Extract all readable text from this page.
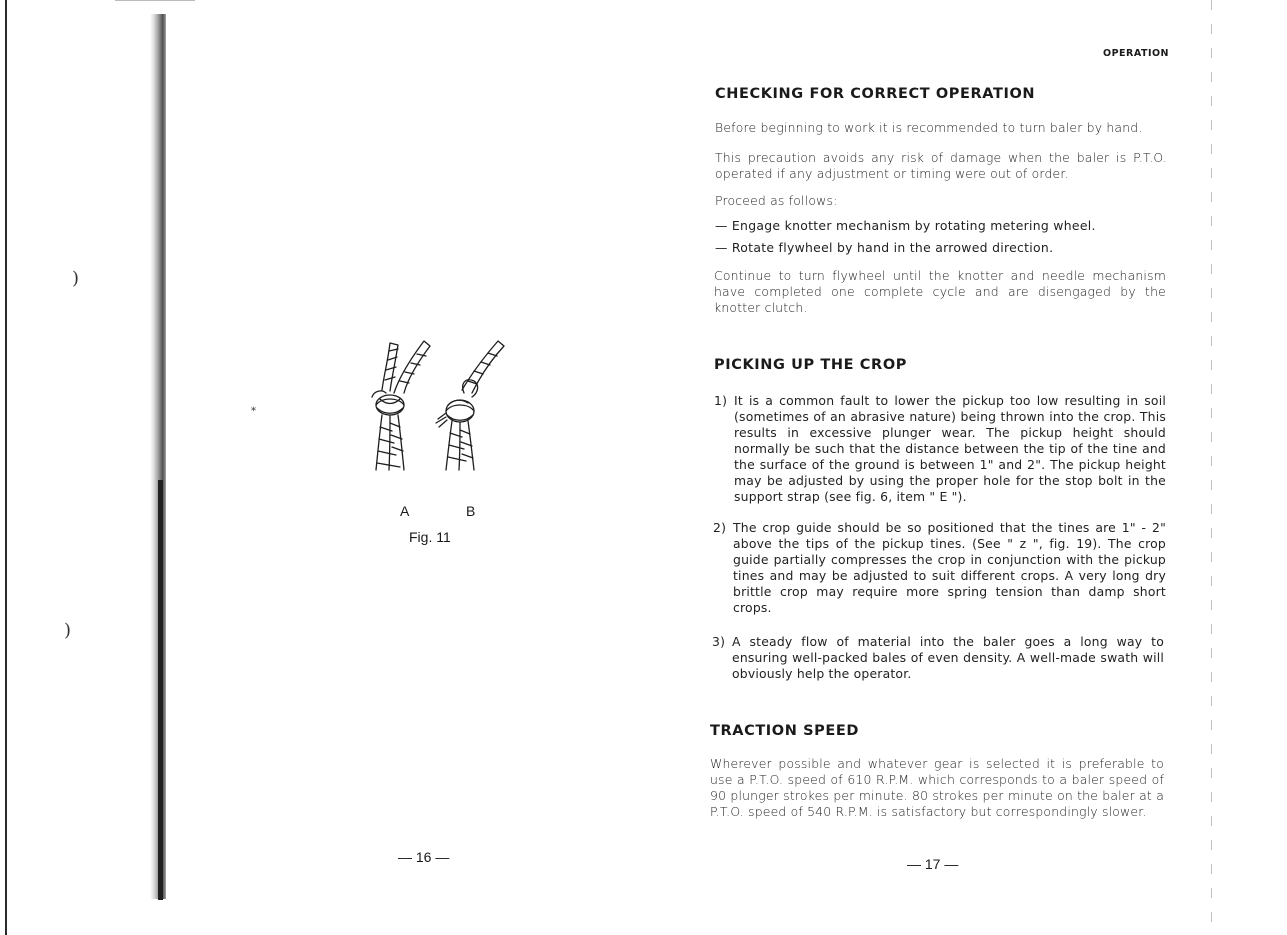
)
)
*
A	B
Fig. 11
— 16 —
OPERATION
CHECKING FOR CORRECT OPERATION

Before beginning to work it is recommended to turn baler by hand.

This precaution avoids any risk of damage when the baler is P.T.O. operated if any adjustment or timing were out of order.

Proceed as follows:

— Engage knotter mechanism by rotating metering wheel.
— Rotate flywheel by hand in the arrowed direction.

Continue to turn flywheel until the knotter and needle mechanism have completed one complete cycle and are disengaged by the knotter clutch.

PICKING UP THE CROP
1) It is a common fault to lower the pickup too low resulting in soil (sometimes of an abrasive nature) being thrown into the crop. This results in excessive plunger wear. The pickup height should normally be such that the distance between the tip of the tine and the surface of the ground is between 1" and 2". The pickup height may be adjusted by using the proper hole for the stop bolt in the support strap (see fig. 6, item " E ").
2) The crop guide should be so positioned that the tines are 1" - 2" above the tips of the pickup tines. (See " z ", fig. 19). The crop guide partially compresses the crop in conjunction with the pickup tines and may be adjusted to suit different crops. A very long dry brittle crop may require more spring tension than damp short crops.
3) A steady flow of material into the baler goes a long way to ensuring well-packed bales of even density. A well-made swath will obviously help the operator.
TRACTION SPEED

Wherever possible and whatever gear is selected it is preferable to use a P.T.O. speed of 610 R.P.M. which corresponds to a baler speed of 90 plunger strokes per minute. 80 strokes per minute on the baler at a P.T.O. speed of 540 R.P.M. is satisfactory but correspondingly slower.

— 17 —
